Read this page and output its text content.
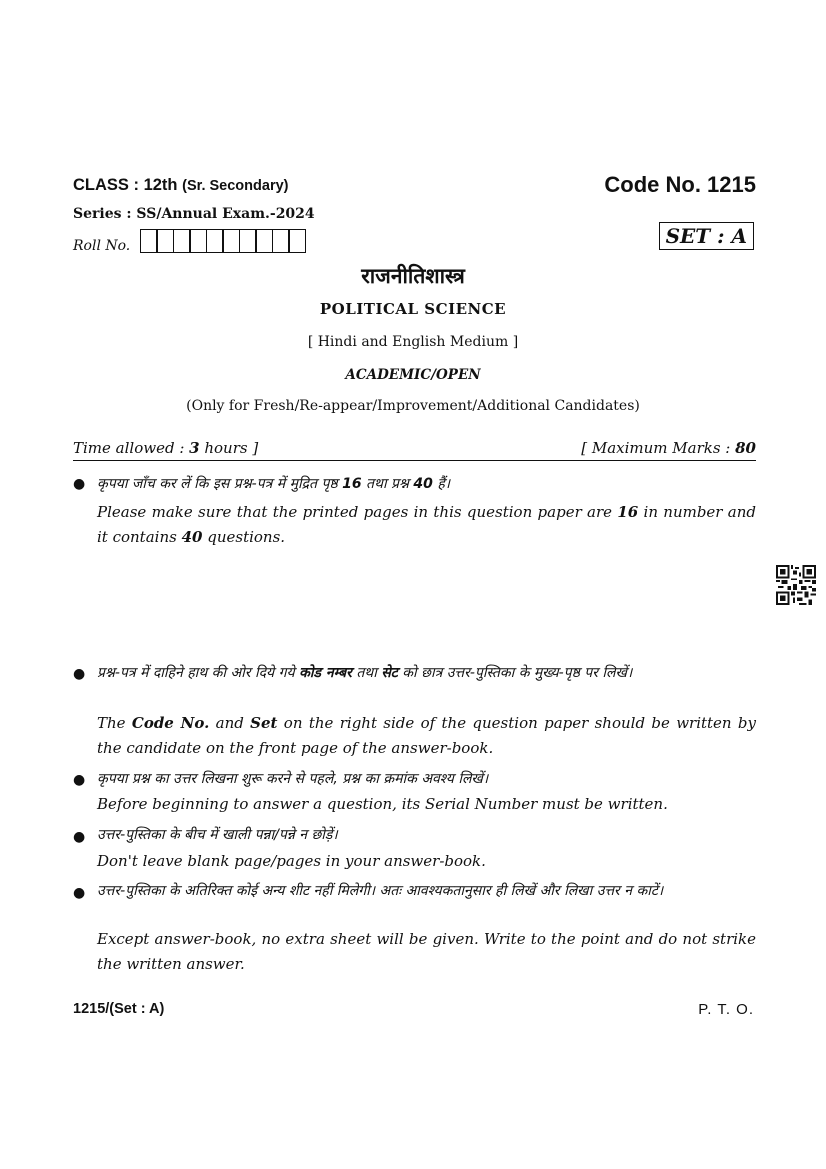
CLASS : 12th (Sr. Secondary)	Code No. 1215
Series : SS/Annual Exam.-2024
Roll No.	SET : A
राजनीतिशास्त्र
POLITICAL SCIENCE
[ Hindi and English Medium ]
ACADEMIC/OPEN
(Only for Fresh/Re-appear/Improvement/Additional Candidates)
Time allowed : 3 hours ]	[ Maximum Marks : 80
● कृपया जाँच कर लें कि इस प्रश्न-पत्र में मुद्रित पृष्ठ 16 तथा प्रश्न 40 हैं।
Please make sure that the printed pages in this question paper are 16 in number and it contains 40 questions.
● प्रश्न-पत्र में दाहिने हाथ की ओर दिये गये कोड नम्बर तथा सेट को छात्र उत्तर-पुस्तिका के मुख्य-पृष्ठ पर लिखें।
The Code No. and Set on the right side of the question paper should be written by the candidate on the front page of the answer-book.
● कृपया प्रश्न का उत्तर लिखना शुरू करने से पहले, प्रश्न का क्रमांक अवश्य लिखें।
Before beginning to answer a question, its Serial Number must be written.
● उत्तर-पुस्तिका के बीच में खाली पन्ना/पन्ने न छोड़ें।
Don't leave blank page/pages in your answer-book.
● उत्तर-पुस्तिका के अतिरिक्त कोई अन्य शीट नहीं मिलेगी। अतः आवश्यकतानुसार ही लिखें और लिखा उत्तर न काटें।
Except answer-book, no extra sheet will be given. Write to the point and do not strike the written answer.
1215/(Set : A)	P. T. O.
